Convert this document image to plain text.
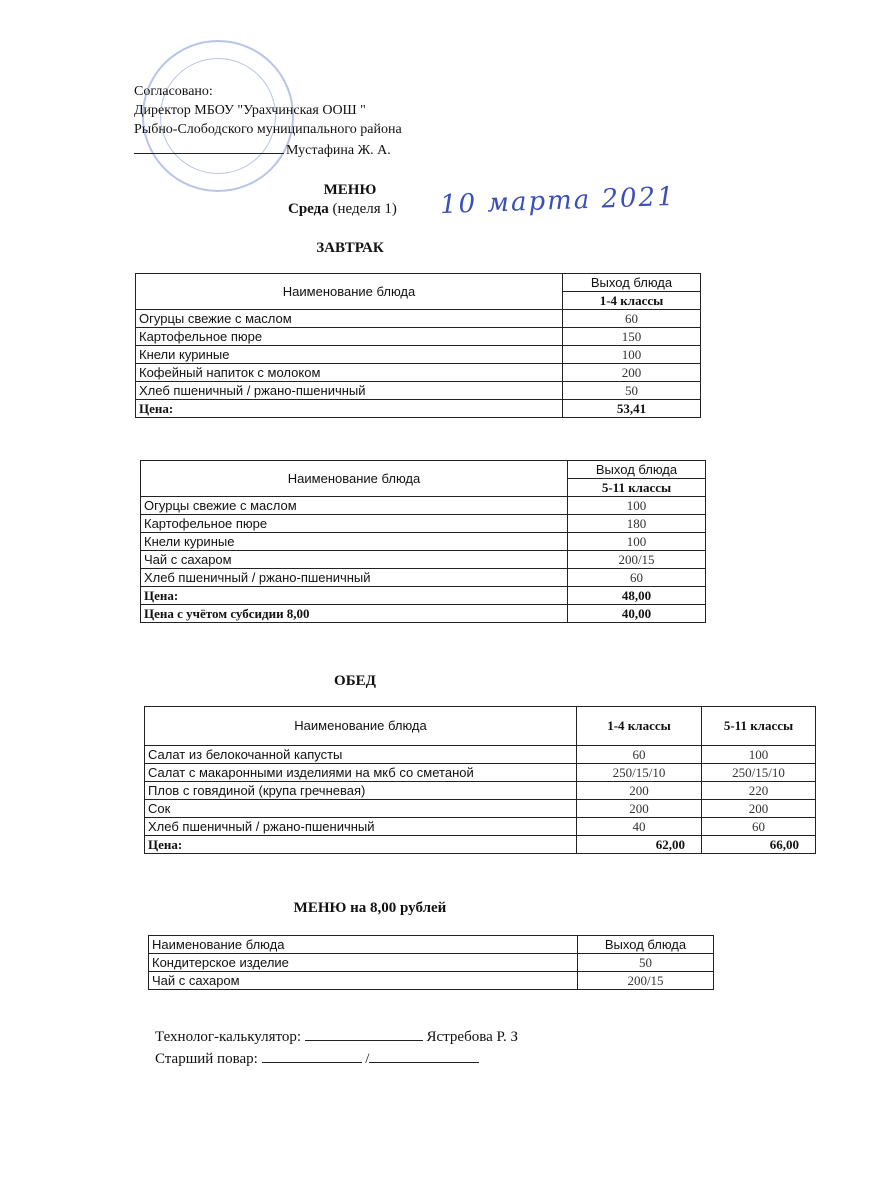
Согласовано:
Директор МБОУ "Урахчинская ООШ "
Рыбно-Слободского муниципального района
Мустафина Ж. А.
МЕНЮ
Среда (неделя 1) 10 марта 2021
ЗАВТРАК
Наименование блюда	Выход блюда
	1-4 классы
Огурцы свежие с маслом	60
Картофельное пюре	150
Кнели куриные	100
Кофейный напиток с молоком	200
Хлеб пшеничный / ржано-пшеничный	50
Цена:	53,41
Наименование блюда	Выход блюда
	5-11 классы
Огурцы свежие с маслом	100
Картофельное пюре	180
Кнели куриные	100
Чай с сахаром	200/15
Хлеб пшеничный / ржано-пшеничный	60
Цена:	48,00
Цена с учётом субсидии 8,00	40,00
ОБЕД
Наименование блюда	1-4 классы	5-11 классы
Салат из белокочанной капусты	60	100
Салат с макаронными изделиями на мкб со сметаной	250/15/10	250/15/10
Плов с говядиной (крупа гречневая)	200	220
Сок	200	200
Хлеб пшеничный / ржано-пшеничный	40	60
Цена:	62,00	66,00
МЕНЮ на 8,00 рублей
Наименование блюда	Выход блюда
Кондитерское изделие	50
Чай с сахаром	200/15
Технолог-калькулятор:	Ястребова Р. З
Старший повар:	/
